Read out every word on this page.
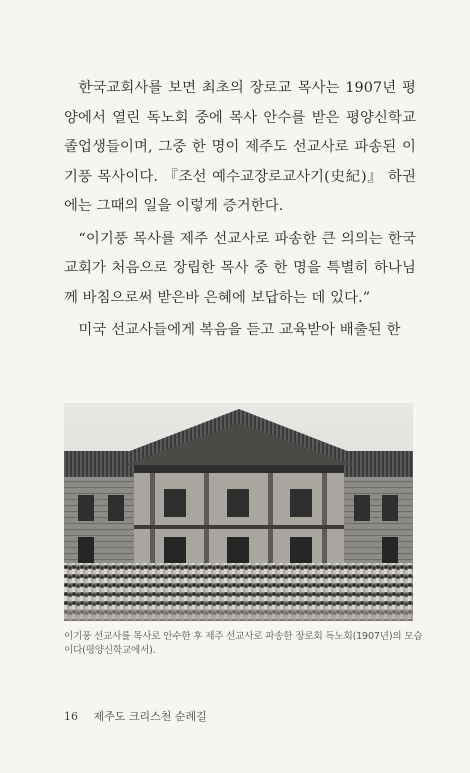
한국교회사를 보면 최초의 장로교 목사는 1907년 평양에서 열린 독노회 중에 목사 안수를 받은 평양신학교 졸업생들이며, 그중 한 명이 제주도 선교사로 파송된 이기풍 목사이다. 『조선 예수교장로교사기(史紀)』 하권에는 그때의 일을 이렇게 증거한다.

“이기풍 목사를 제주 선교사로 파송한 큰 의의는 한국 교회가 처음으로 장립한 목사 중 한 명을 특별히 하나님께 바침으로써 받은바 은혜에 보답하는 데 있다.”

미국 선교사들에게 복음을 듣고 교육받아 배출된 한

이기풍 선교사를 목사로 안수한 후 제주 선교사로 파송한 장로회 독노회(1907년)의 모습이다(평양신학교에서).
16 제주도 크리스천 순례길
